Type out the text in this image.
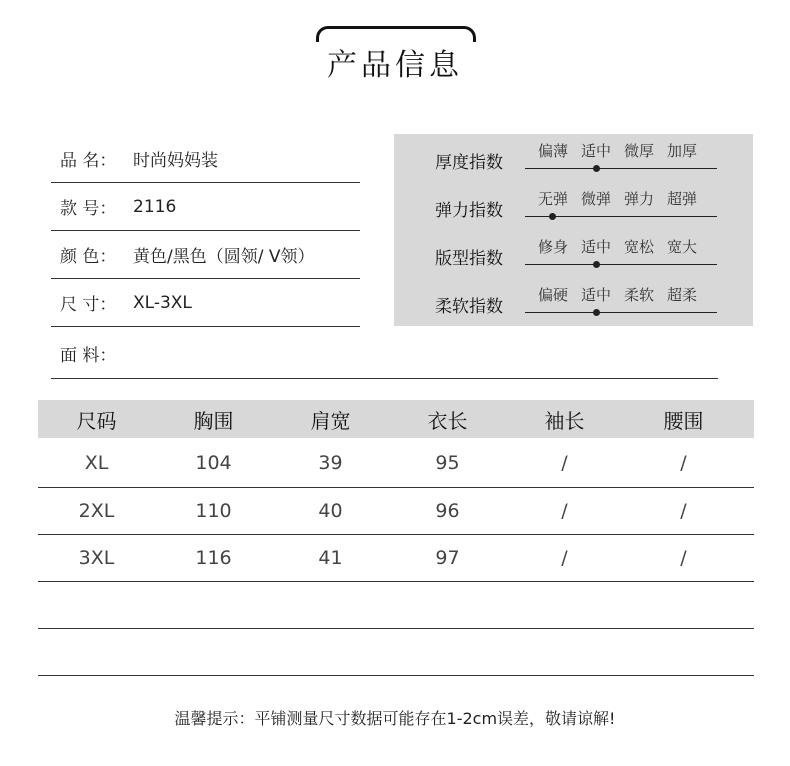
产品信息
品 名： 时尚妈妈装
款 号： 2116
颜 色： 黄色/黑色（圆领/ V领）
尺 寸： XL-3XL
面 料：
厚度指数
偏薄 适中 微厚 加厚
弹力指数
无弹 微弹 弹力 超弹
版型指数
修身 适中 宽松 宽大
柔软指数
偏硬 适中 柔软 超柔
尺码	胸围	肩宽	衣长	袖长	腰围
XL	104	39	95	/	/
2XL	110	40	96	/	/
3XL	116	41	97	/	/
温馨提示：平铺测量尺寸数据可能存在1-2cm误差，敬请谅解!
